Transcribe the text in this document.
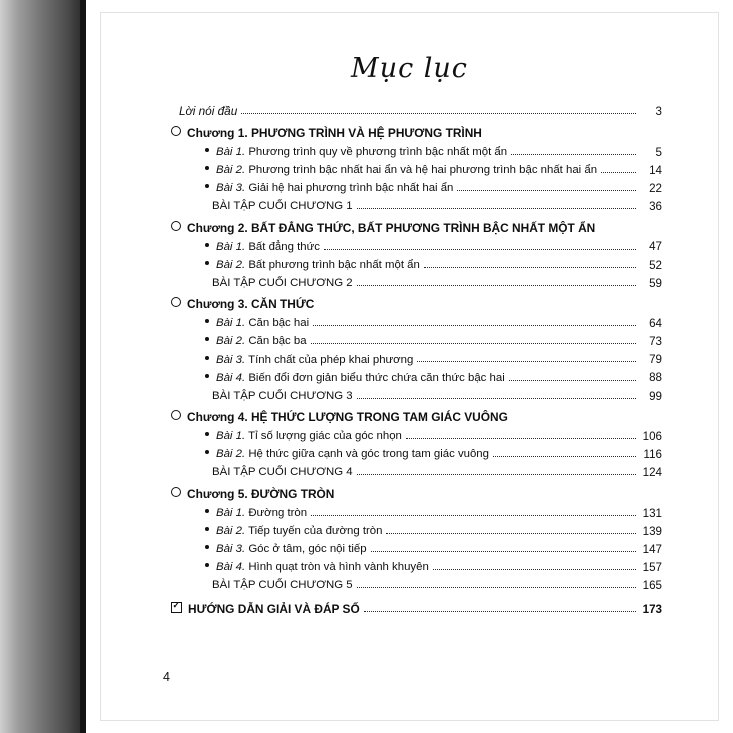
Mục lục
Lời nói đầu	3
Chương 1. PHƯƠNG TRÌNH VÀ HỆ PHƯƠNG TRÌNH
Bài 1. Phương trình quy về phương trình bậc nhất một ẩn	5
Bài 2. Phương trình bậc nhất hai ẩn và hệ hai phương trình bậc nhất hai ẩn	14
Bài 3. Giải hệ hai phương trình bậc nhất hai ẩn	22
BÀI TẬP CUỐI CHƯƠNG 1	36
Chương 2. BẤT ĐẲNG THỨC, BẤT PHƯƠNG TRÌNH BẬC NHẤT MỘT ẨN
Bài 1. Bất đẳng thức	47
Bài 2. Bất phương trình bậc nhất một ẩn	52
BÀI TẬP CUỐI CHƯƠNG 2	59
Chương 3. CĂN THỨC
Bài 1. Căn bậc hai	64
Bài 2. Căn bậc ba	73
Bài 3. Tính chất của phép khai phương	79
Bài 4. Biến đổi đơn giản biểu thức chứa căn thức bậc hai	88
BÀI TẬP CUỐI CHƯƠNG 3	99
Chương 4. HỆ THỨC LƯỢNG TRONG TAM GIÁC VUÔNG
Bài 1. Tỉ số lượng giác của góc nhọn	106
Bài 2. Hệ thức giữa cạnh và góc trong tam giác vuông	116
BÀI TẬP CUỐI CHƯƠNG 4	124
Chương 5. ĐƯỜNG TRÒN
Bài 1. Đường tròn	131
Bài 2. Tiếp tuyến của đường tròn	139
Bài 3. Góc ở tâm, góc nội tiếp	147
Bài 4. Hình quạt tròn và hình vành khuyên	157
BÀI TẬP CUỐI CHƯƠNG 5	165
✓HƯỚNG DẪN GIẢI VÀ ĐÁP SỐ	173
4
